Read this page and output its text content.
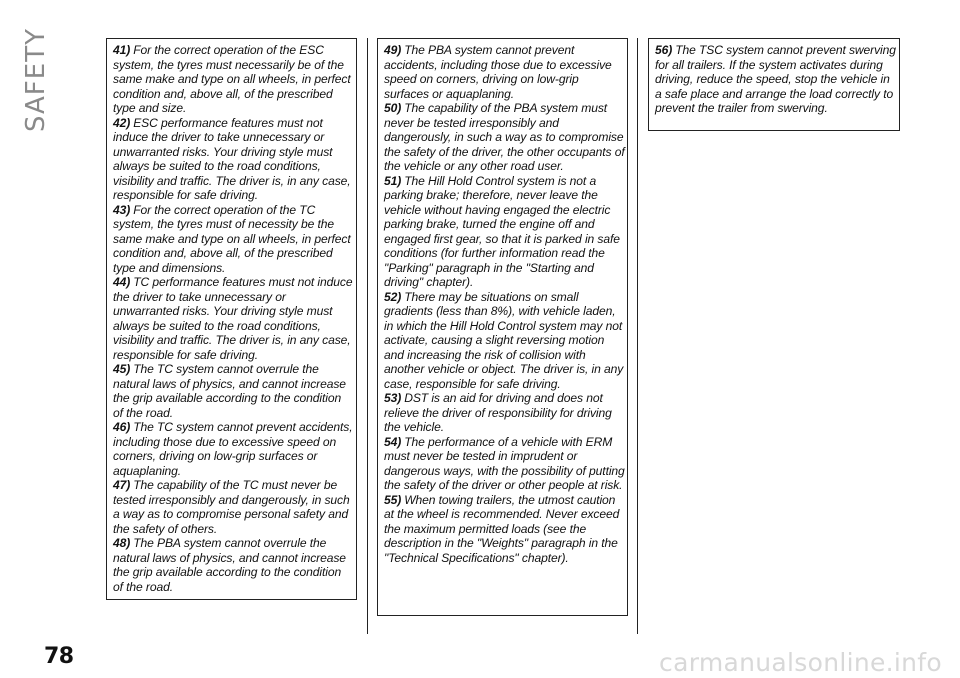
SAFETY	41) For the correct operation of the ESC system, the tyres must necessarily be of the same make and type on all wheels, in perfect condition and, above all, of the prescribed type and size.

42) ESC performance features must not induce the driver to take unnecessary or unwarranted risks. Your driving style must always be suited to the road conditions, visibility and traffic. The driver is, in any case, responsible for safe driving.

43) For the correct operation of the TC system, the tyres must of necessity be the same make and type on all wheels, in perfect condition and, above all, of the prescribed type and dimensions.

44) TC performance features must not induce the driver to take unnecessary or unwarranted risks. Your driving style must always be suited to the road conditions, visibility and traffic. The driver is, in any case, responsible for safe driving.

45) The TC system cannot overrule the natural laws of physics, and cannot increase the grip available according to the condition of the road.

46) The TC system cannot prevent accidents, including those due to excessive speed on corners, driving on low-grip surfaces or aquaplaning.

47) The capability of the TC must never be tested irresponsibly and dangerously, in such a way as to compromise personal safety and the safety of others.

48) The PBA system cannot overrule the natural laws of physics, and cannot increase the grip available according to the condition of the road.

49) The PBA system cannot prevent accidents, including those due to excessive speed on corners, driving on low-grip surfaces or aquaplaning.

50) The capability of the PBA system must never be tested irresponsibly and dangerously, in such a way as to compromise the safety of the driver, the other occupants of the vehicle or any other road user.

51) The Hill Hold Control system is not a parking brake; therefore, never leave the vehicle without having engaged the electric parking brake, turned the engine off and engaged first gear, so that it is parked in safe conditions (for further information read the "Parking" paragraph in the "Starting and driving" chapter).

52) There may be situations on small gradients (less than 8%), with vehicle laden, in which the Hill Hold Control system may not activate, causing a slight reversing motion and increasing the risk of collision with another vehicle or object. The driver is, in any case, responsible for safe driving.

53) DST is an aid for driving and does not relieve the driver of responsibility for driving the vehicle.

54) The performance of a vehicle with ERM must never be tested in imprudent or dangerous ways, with the possibility of putting the safety of the driver or other people at risk.

55) When towing trailers, the utmost caution at the wheel is recommended. Never exceed the maximum permitted loads (see the description in the "Weights" paragraph in the "Technical Specifications" chapter).

56) The TSC system cannot prevent swerving for all trailers. If the system activates during driving, reduce the speed, stop the vehicle in a safe place and arrange the load correctly to prevent the trailer from swerving.

78	carmanualsonline.info
